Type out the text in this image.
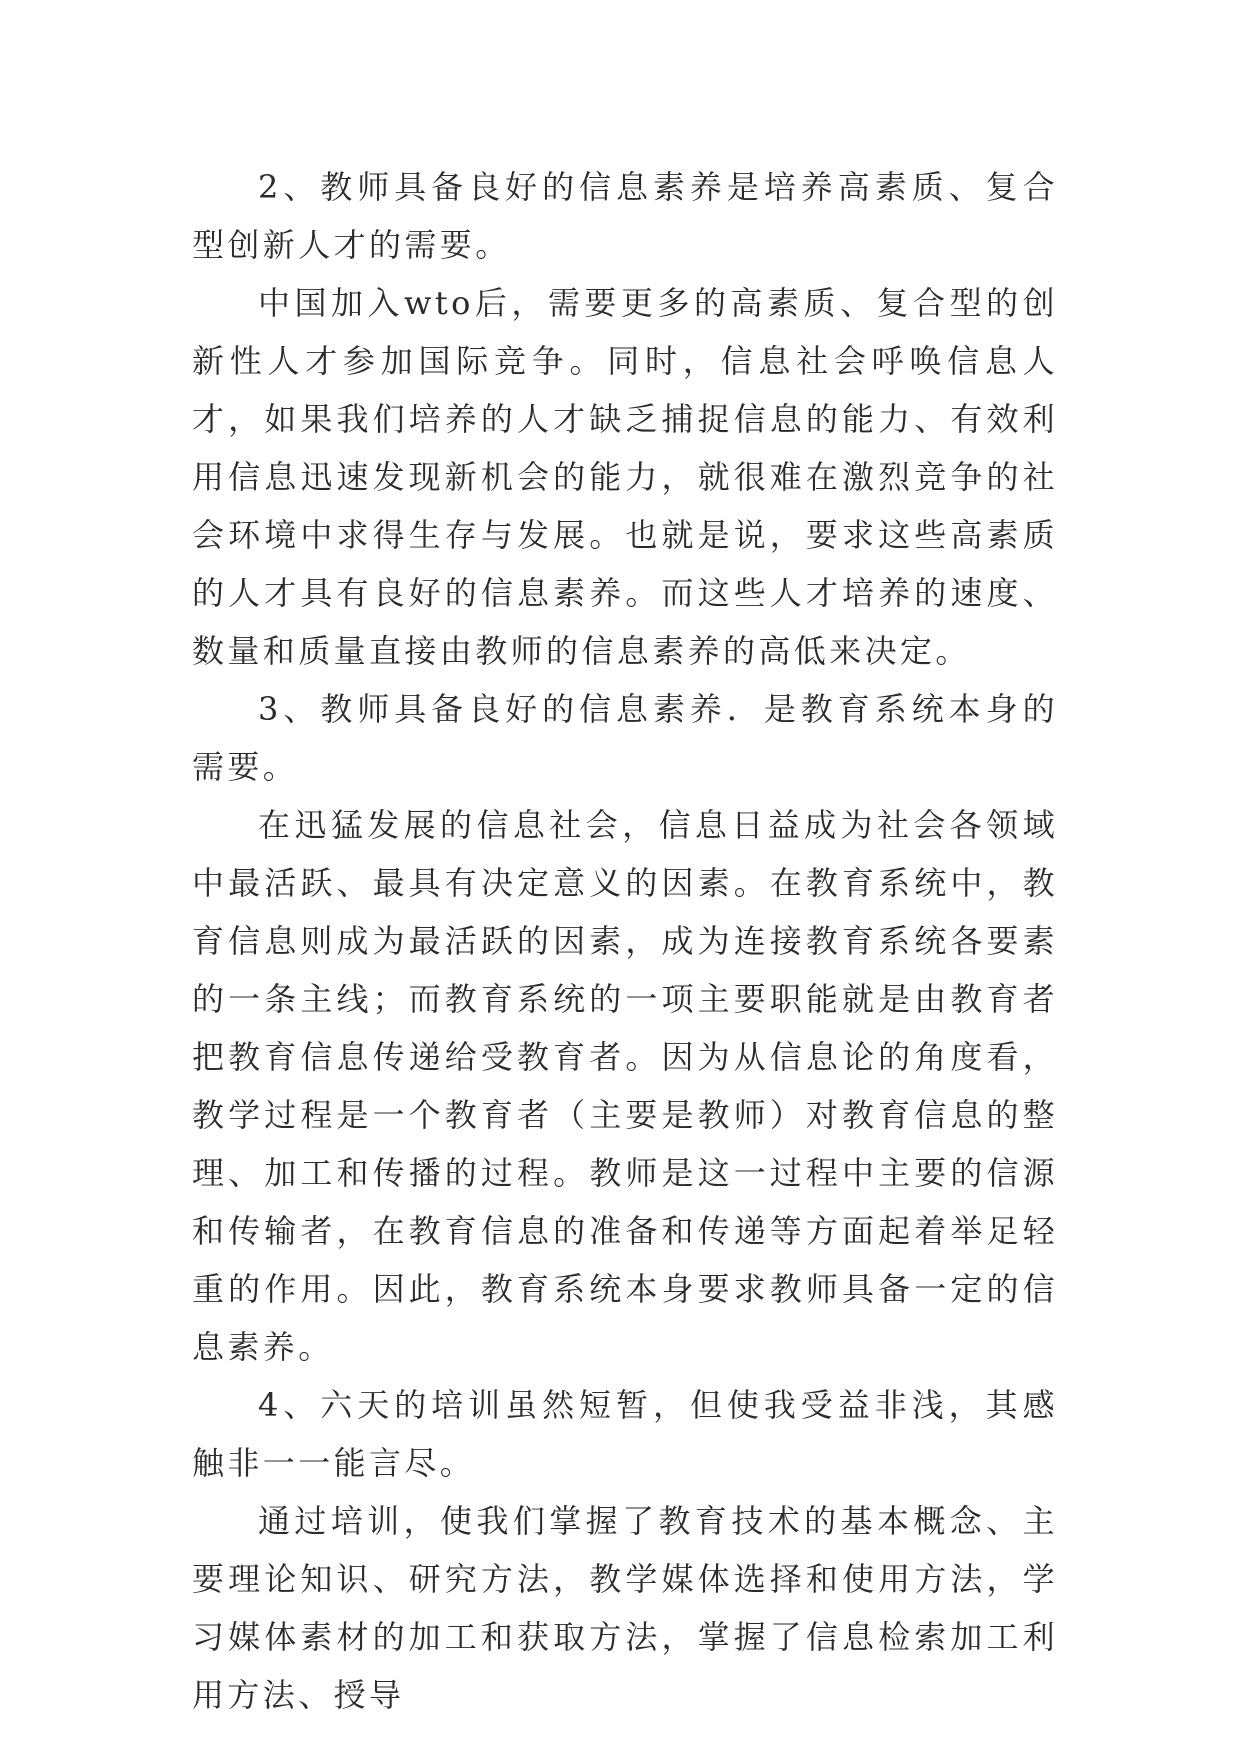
2、教师具备良好的信息素养是培养高素质、复合型创新人才的需要。

中国加入wto后，需要更多的高素质、复合型的创新性人才参加国际竞争。同时，信息社会呼唤信息人才，如果我们培养的人才缺乏捕捉信息的能力、有效利用信息迅速发现新机会的能力，就很难在激烈竞争的社会环境中求得生存与发展。也就是说，要求这些高素质的人才具有良好的信息素养。而这些人才培养的速度、数量和质量直接由教师的信息素养的高低来决定。

3、教师具备良好的信息素养．是教育系统本身的需要。

在迅猛发展的信息社会，信息日益成为社会各领域中最活跃、最具有决定意义的因素。在教育系统中，教育信息则成为最活跃的因素，成为连接教育系统各要素的一条主线；而教育系统的一项主要职能就是由教育者把教育信息传递给受教育者。因为从信息论的角度看，教学过程是一个教育者（主要是教师）对教育信息的整理、加工和传播的过程。教师是这一过程中主要的信源和传输者，在教育信息的准备和传递等方面起着举足轻重的作用。因此，教育系统本身要求教师具备一定的信息素养。

4、六天的培训虽然短暂，但使我受益非浅，其感触非一一能言尽。

通过培训，使我们掌握了教育技术的基本概念、主要理论知识、研究方法，教学媒体选择和使用方法，学习媒体素材的加工和获取方法，掌握了信息检索加工利用方法、授导
